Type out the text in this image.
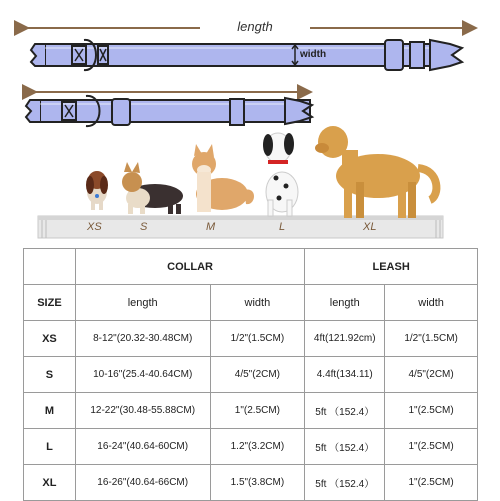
length
width
XS	S	M	L	XL
	COLLAR		LEASH	
SIZE	length	width	length	width
XS	8-12"(20.32-30.48CM)	1/2"(1.5CM)	4ft(121.92cm)	1/2"(1.5CM)
S	10-16"(25.4-40.64CM)	4/5"(2CM)	4.4ft(134.11)	4/5"(2CM)
M	12-22"(30.48-55.88CM)	1"(2.5CM)	5ft （152.4）	1"(2.5CM)
L	16-24"(40.64-60CM)	1.2"(3.2CM)	5ft （152.4）	1"(2.5CM)
XL	16-26"(40.64-66CM)	1.5"(3.8CM)	5ft （152.4）	1"(2.5CM)
